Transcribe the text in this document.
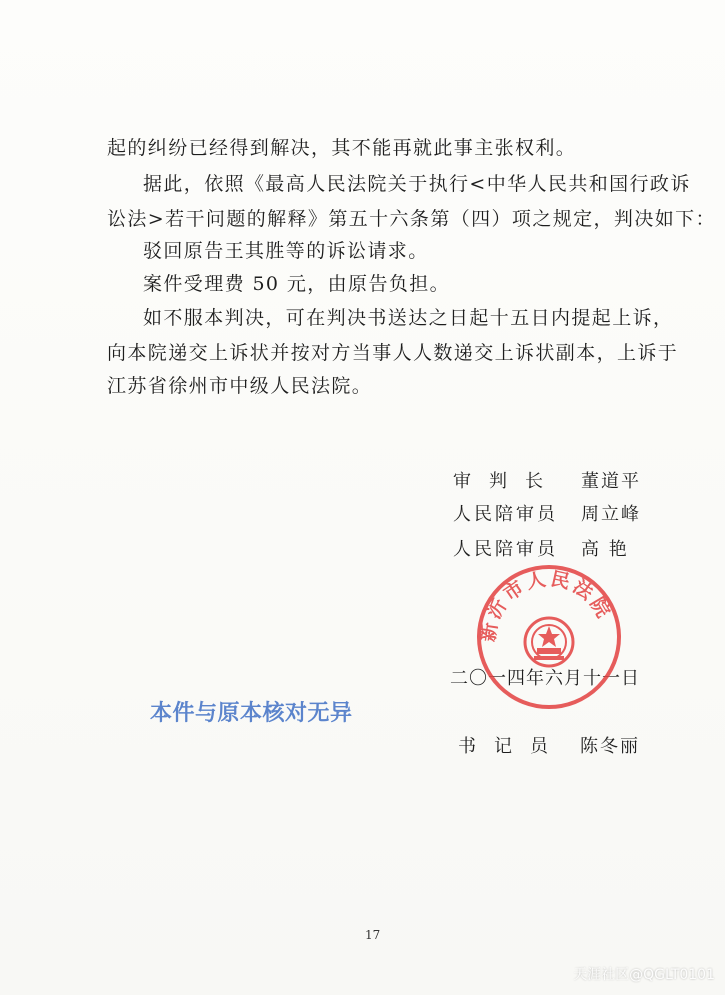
起的纠纷已经得到解决，其不能再就此事主张权利。
据此，依照《最高人民法院关于执行<中华人民共和国行政诉
讼法>若干问题的解释》第五十六条第（四）项之规定，判决如下：
驳回原告王其胜等的诉讼请求。
案件受理费 50 元，由原告负担。
如不服本判决，可在判决书送达之日起十五日内提起上诉，
向本院递交上诉状并按对方当事人人数递交上诉状副本，上诉于
江苏省徐州市中级人民法院。
审判长 董道平
人民陪审员 周立峰
人民陪审员 高 艳
二〇一四年六月十一日
新沂市人民法院
书记员 陈冬丽
本件与原本核对无异
17
天涯社区@QGLT0101
